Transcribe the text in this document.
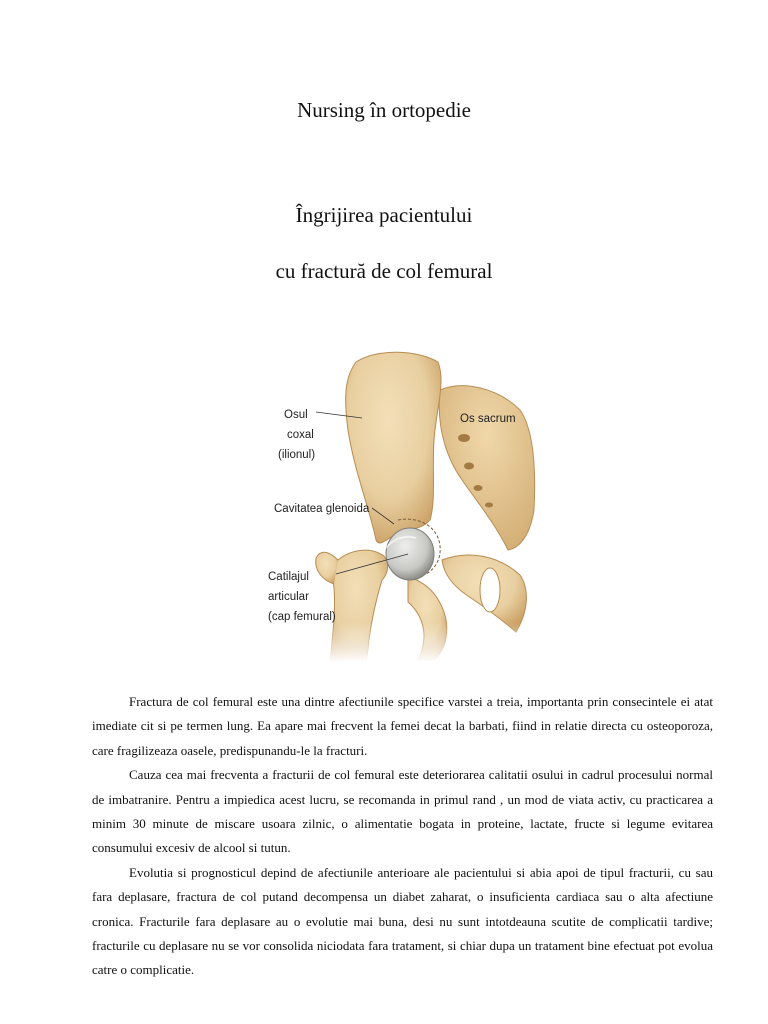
Nursing în ortopedie
Îngrijirea pacientului
cu fractură de col femural
Osul
coxal
(ilionul)
Os sacrum
Cavitatea glenoida
Catilajul
articular
(cap femural)

Fractura de col femural este una dintre afectiunile specifice varstei a treia, importanta prin consecintele ei atat imediate cit si pe termen lung. Ea apare mai frecvent la femei decat la barbati, fiind in relatie directa cu osteoporoza, care fragilizeaza oasele, predispunandu-le la fracturi.

Cauza cea mai frecventa a fracturii de col femural este deteriorarea calitatii osului in cadrul procesului normal de imbatranire. Pentru a impiedica acest lucru, se recomanda in primul rand , un mod de viata activ, cu practicarea a minim 30 minute de miscare usoara zilnic, o alimentatie bogata in proteine, lactate, fructe si legume evitarea consumului excesiv de alcool si tutun.

Evolutia si prognosticul depind de afectiunile anterioare ale pacientului si abia apoi de tipul fracturii, cu sau fara deplasare, fractura de col putand decompensa un diabet zaharat, o insuficienta cardiaca sau o alta afectiune cronica. Fracturile fara deplasare au o evolutie mai buna, desi nu sunt intotdeauna scutite de complicatii tardive; fracturile cu deplasare nu se vor consolida niciodata fara tratament, si chiar dupa un tratament bine efectuat pot evolua catre o complicatie.
